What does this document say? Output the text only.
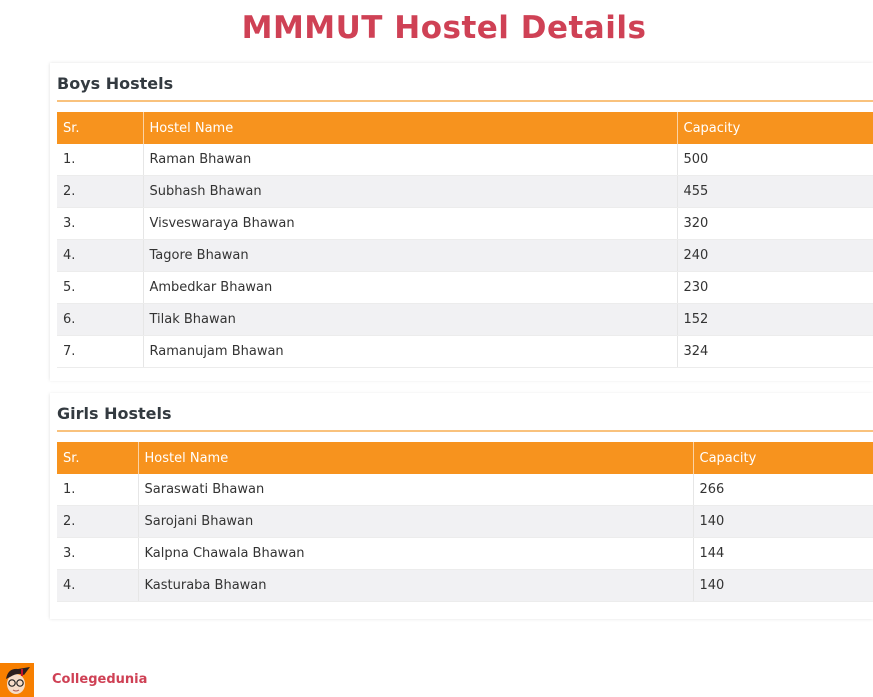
MMMUT Hostel Details
Boys Hostels
Sr.	Hostel Name	Capacity
1.	Raman Bhawan	500
2.	Subhash Bhawan	455
3.	Visveswaraya Bhawan	320
4.	Tagore Bhawan	240
5.	Ambedkar Bhawan	230
6.	Tilak Bhawan	152
7.	Ramanujam Bhawan	324
Girls Hostels
Sr.	Hostel Name	Capacity
1.	Saraswati Bhawan	266
2.	Sarojani Bhawan	140
3.	Kalpna Chawala Bhawan	144
4.	Kasturaba Bhawan	140
Collegedunia
